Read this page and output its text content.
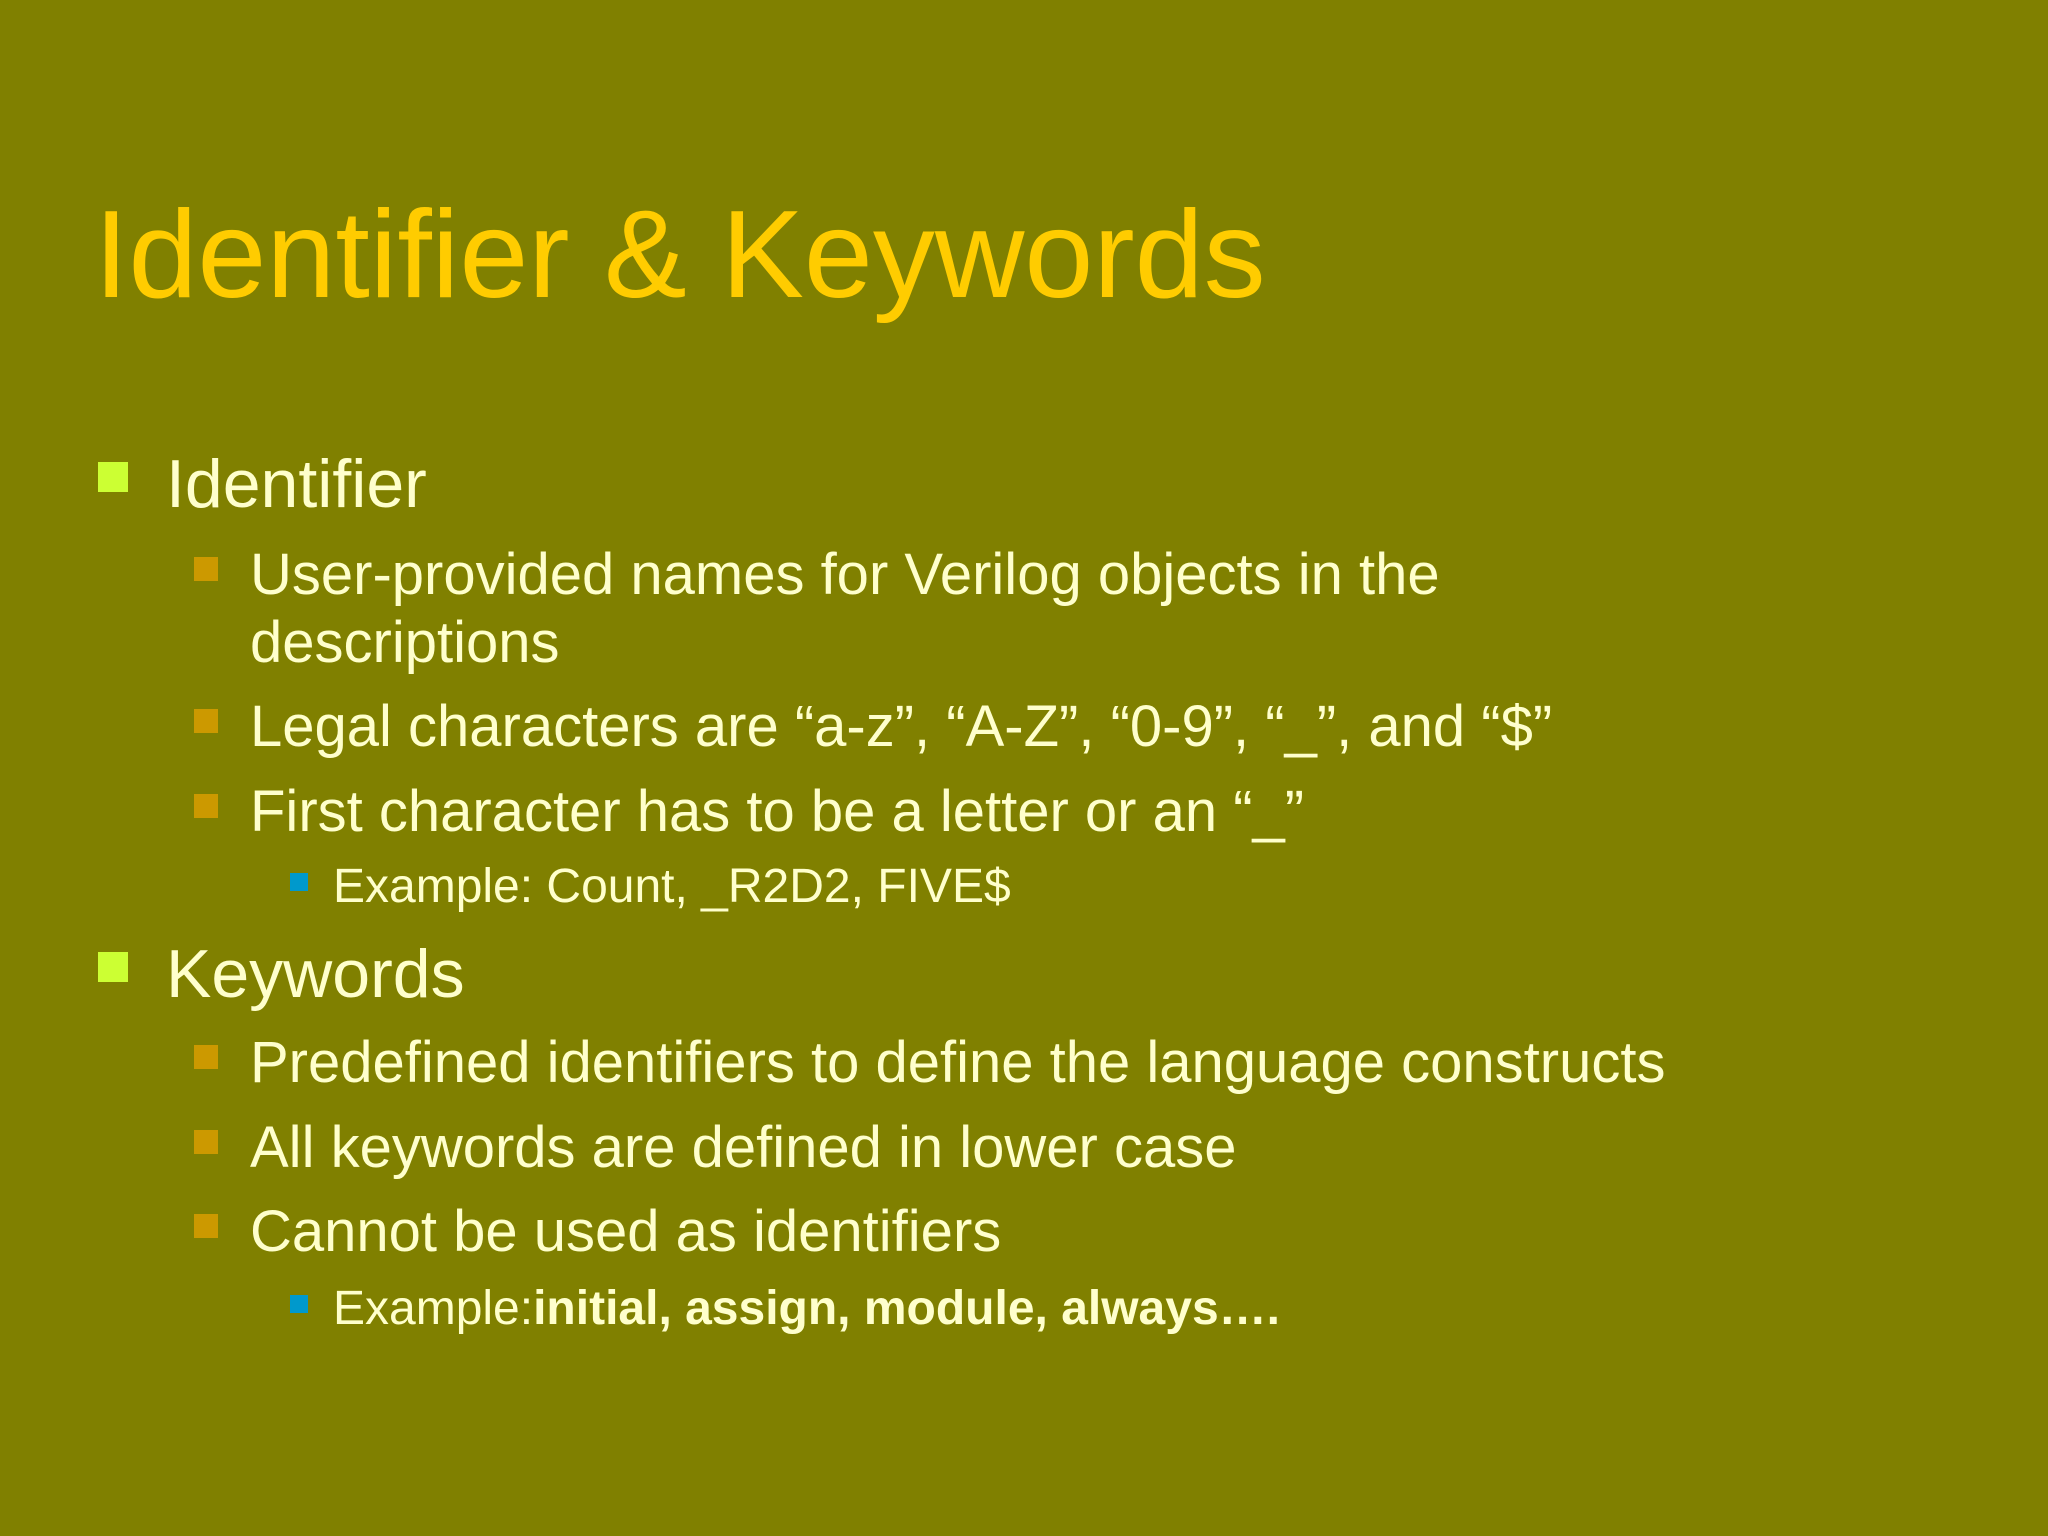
Identifier & Keywords
Identifier
User-provided names for Verilog objects in the
descriptions
Legal characters are “a-z”, “A-Z”, “0-9”, “_”, and “$”
First character has to be a letter or an “_”
Example: Count, _R2D2, FIVE$
Keywords
Predefined identifiers to define the language constructs
All keywords are defined in lower case
Cannot be used as identifiers
Example:initial, assign, module, always….
